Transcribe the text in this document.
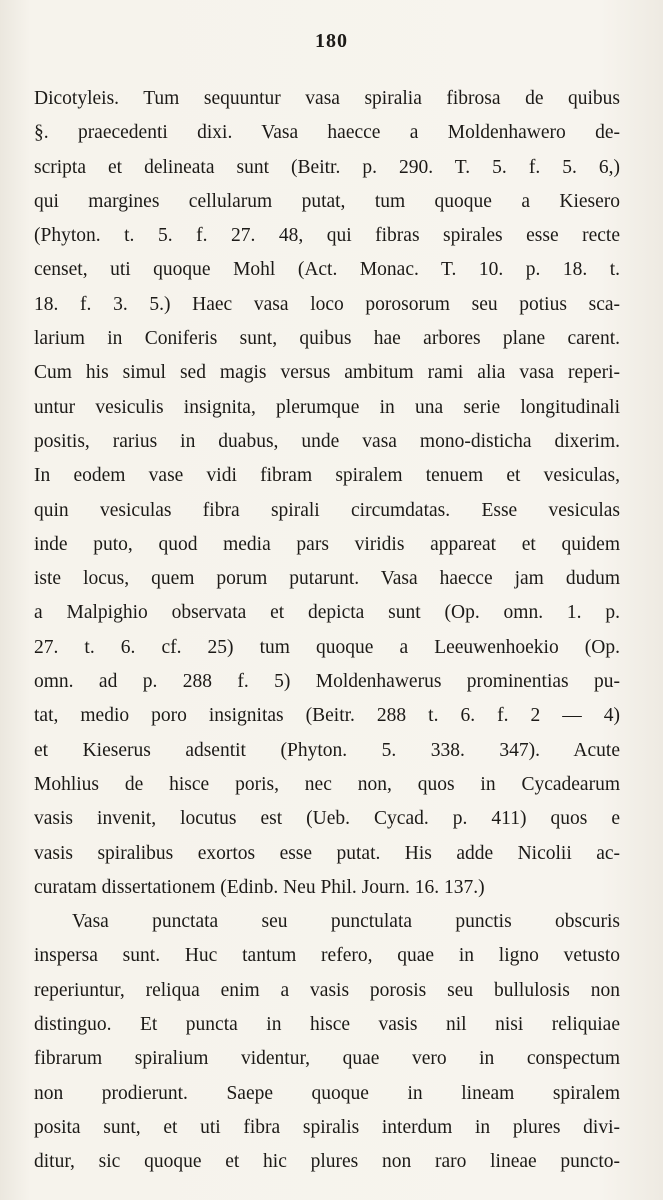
180
Dicotyleis. Tum sequuntur vasa spiralia fibrosa de quibus
§. praecedenti dixi. Vasa haecce a Moldenhawero de-
scripta et delineata sunt (Beitr. p. 290. T. 5. f. 5. 6,)
qui margines cellularum putat, tum quoque a Kiesero
(Phyton. t. 5. f. 27. 48, qui fibras spirales esse recte
censet, uti quoque Mohl (Act. Monac. T. 10. p. 18. t.
18. f. 3. 5.) Haec vasa loco porosorum seu potius sca-
larium in Coniferis sunt, quibus hae arbores plane carent.
Cum his simul sed magis versus ambitum rami alia vasa reperi-
untur vesiculis insignita, plerumque in una serie longitudinali
positis, rarius in duabus, unde vasa mono-disticha dixerim.
In eodem vase vidi fibram spiralem tenuem et vesiculas,
quin vesiculas fibra spirali circumdatas. Esse vesiculas
inde puto, quod media pars viridis appareat et quidem
iste locus, quem porum putarunt. Vasa haecce jam dudum
a Malpighio observata et depicta sunt (Op. omn. 1. p.
27. t. 6. cf. 25) tum quoque a Leeuwenhoekio (Op.
omn. ad p. 288 f. 5) Moldenhawerus prominentias pu-
tat, medio poro insignitas (Beitr. 288 t. 6. f. 2 — 4)
et Kieserus adsentit (Phyton. 5. 338. 347). Acute
Mohlius de hisce poris, nec non, quos in Cycadearum
vasis invenit, locutus est (Ueb. Cycad. p. 411) quos e
vasis spiralibus exortos esse putat. His adde Nicolii ac-
curatam dissertationem (Edinb. Neu Phil. Journ. 16. 137.)
Vasa punctata seu punctulata punctis obscuris
inspersa sunt. Huc tantum refero, quae in ligno vetusto
reperiuntur, reliqua enim a vasis porosis seu bullulosis non
distinguo. Et puncta in hisce vasis nil nisi reliquiae
fibrarum spiralium videntur, quae vero in conspectum
non prodierunt. Saepe quoque in lineam spiralem
posita sunt, et uti fibra spiralis interdum in plures divi-
ditur, sic quoque et hic plures non raro lineae puncto-
